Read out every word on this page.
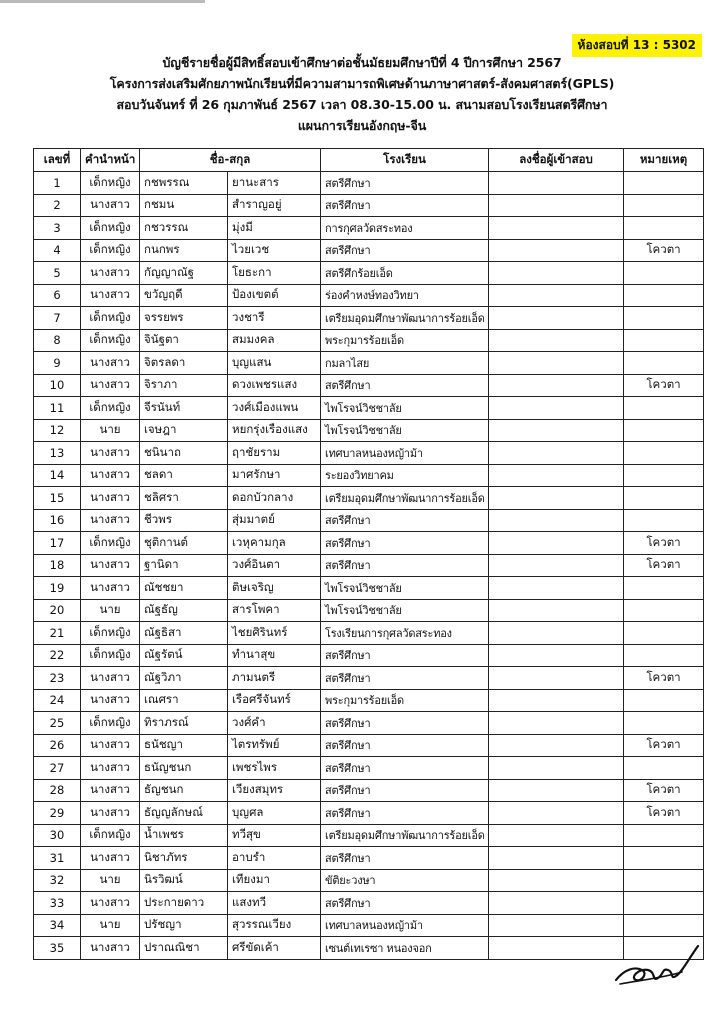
ห้องสอบที่ 13 : 5302
บัญชีรายชื่อผู้มีสิทธิ์สอบเข้าศึกษาต่อชั้นมัธยมศึกษาปีที่ 4 ปีการศึกษา 2567
โครงการส่งเสริมศักยภาพนักเรียนที่มีความสามารถพิเศษด้านภาษาศาสตร์-สังคมศาสตร์(GPLS)
สอบวันจันทร์ ที่ 26 กุมภาพันธ์ 2567 เวลา 08.30-15.00 น. สนามสอบโรงเรียนสตรีศึกษา
แผนการเรียนอังกฤษ-จีน
เลขที่	คำนำหน้า	ชื่อ-สกุล		โรงเรียน	ลงชื่อผู้เข้าสอบ	หมายเหตุ
1	เด็กหญิง	กชพรรณ	ยานะสาร	สตรีศึกษา		
2	นางสาว	กชมน	สำราญอยู่	สตรีศึกษา		
3	เด็กหญิง	กชวรรณ	มุ่งมี	การกุศลวัดสระทอง		
4	เด็กหญิง	กนกพร	ไวยเวช	สตรีศึกษา		โควตา
5	นางสาว	กัญญาณัฐ	โยธะกา	สตรีศึกร้อยเอ็ด		
6	นางสาว	ขวัญฤดี	ป้องเขตต์	ร่องคำหงษ์ทองวิทยา		
7	เด็กหญิง	จรรยพร	วงชารี	เตรียมอุดมศึกษาพัฒนาการร้อยเอ็ด		
8	เด็กหญิง	จินัฐตา	สมมงคล	พระกุมารร้อยเอ็ด		
9	นางสาว	จิตรลดา	บุญแสน	กมลาไสย		
10	นางสาว	จิราภา	ดวงเพชรแสง	สตรีศึกษา		โควตา
11	เด็กหญิง	จีรนันท์	วงศ์เมืองแพน	ไพโรจน์วิชชาลัย		
12	นาย	เจษฎา	หยกรุ่งเรืองแสง	ไพโรจน์วิชชาลัย		
13	นางสาว	ชนินาถ	ฤาชัยราม	เทศบาลหนองหญ้าม้า		
14	นางสาว	ชลดา	มาศรักษา	ระยองวิทยาคม		
15	นางสาว	ชลิศรา	ดอกบัวกลาง	เตรียมอุดมศึกษาพัฒนาการร้อยเอ็ด		
16	นางสาว	ชีวพร	สุ่มมาตย์	สตรีศึกษา		
17	เด็กหญิง	ชุติกานต์	เวหุคามกุล	สตรีศึกษา		โควตา
18	นางสาว	ฐานิดา	วงศ์อินตา	สตรีศึกษา		โควตา
19	นางสาว	ณัชชยา	ติษเจริญ	ไพโรจน์วิชชาลัย		
20	นาย	ณัฐธัญ	สารโพคา	ไพโรจน์วิชชาลัย		
21	เด็กหญิง	ณัฐธิสา	ไชยศิรินทร์	โรงเรียนการกุศลวัดสระทอง		
22	เด็กหญิง	ณัฐรัตน์	ทำนาสุข	สตรีศึกษา		
23	นางสาว	ณัฐวิภา	ภามนตรี	สตรีศึกษา		โควตา
24	นางสาว	เณศรา	เรือศรีจันทร์	พระกุมารร้อยเอ็ด		
25	เด็กหญิง	ทิราภรณ์	วงศ์คำ	สตรีศึกษา		
26	นางสาว	ธนัชญา	ไตรทรัพย์	สตรีศึกษา		โควตา
27	นางสาว	ธนัญชนก	เพชรไพร	สตรีศึกษา		
28	นางสาว	ธัญชนก	เวียงสมุทร	สตรีศึกษา		โควตา
29	นางสาว	ธัญญลักษณ์	บุญศล	สตรีศึกษา		โควตา
30	เด็กหญิง	น้ำเพชร	ทวีสุข	เตรียมอุดมศึกษาพัฒนาการร้อยเอ็ด		
31	นางสาว	นิชาภัทร	อาบรำ	สตรีศึกษา		
32	นาย	นิรวิฒน์	เทียงมา	ขัติยะวงษา		
33	นางสาว	ประกายดาว	แสงทวี	สตรีศึกษา		
34	นาย	ปรัชญา	สุวรรณเวียง	เทศบาลหนองหญ้าม้า		
35	นางสาว	ปราณณิชา	ศรีขัดเค้า	เซนต์เทเรซา หนองจอก		
